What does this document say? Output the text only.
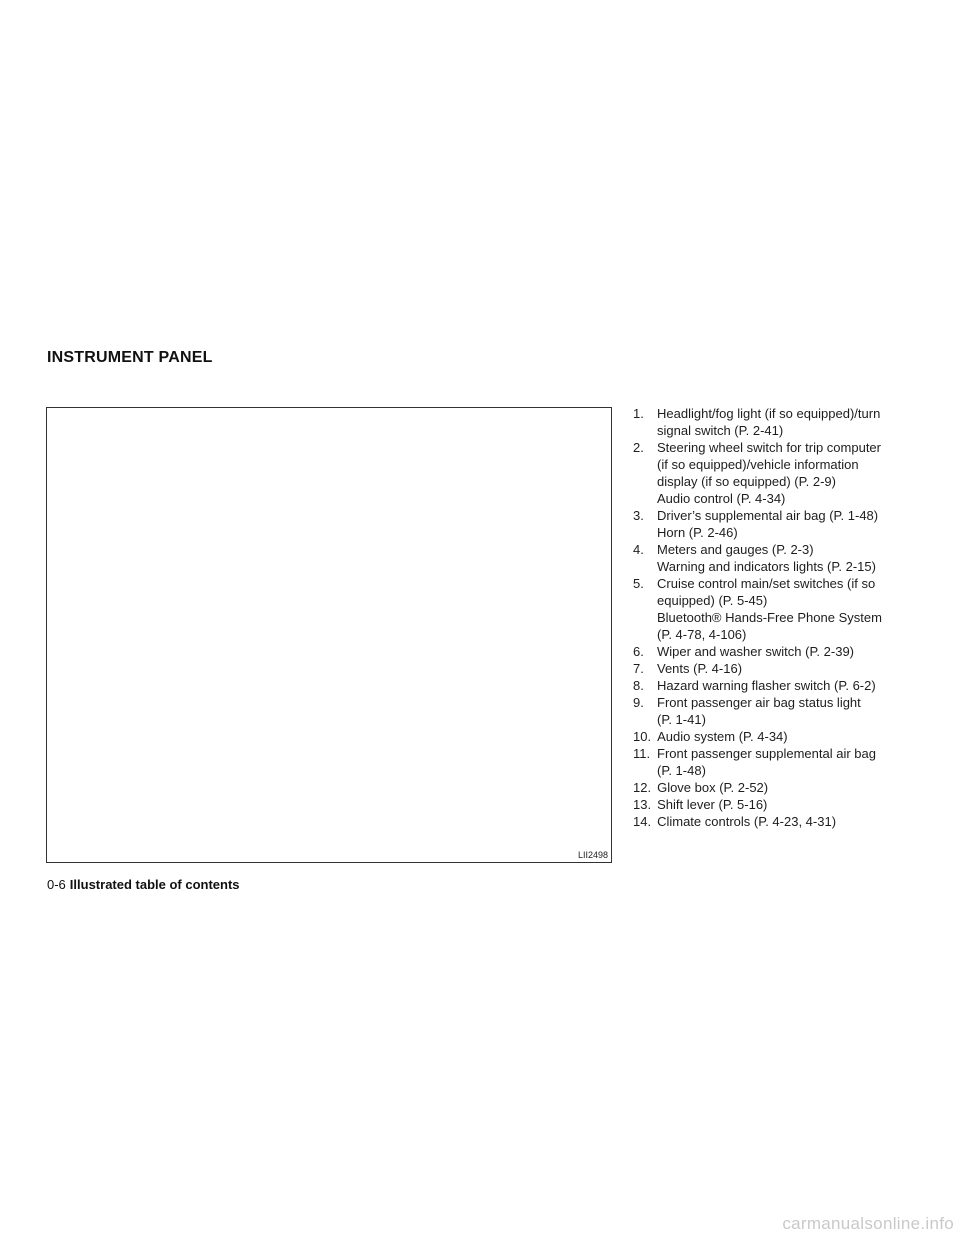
INSTRUMENT PANEL
LII2498
1.	Headlight/fog light (if so equipped)/turn
signal switch (P. 2-41)
2.	Steering wheel switch for trip computer
(if so equipped)/vehicle information
display (if so equipped) (P. 2-9)
Audio control (P. 4-34)
3.	Driver’s supplemental air bag (P. 1-48)
Horn (P. 2-46)
4.	Meters and gauges (P. 2-3)
Warning and indicators lights (P. 2-15)
5.	Cruise control main/set switches (if so
equipped) (P. 5-45)
Bluetooth® Hands-Free Phone System
(P. 4-78, 4-106)
6.	Wiper and washer switch (P. 2-39)
7.	Vents (P. 4-16)
8.	Hazard warning flasher switch (P. 6-2)
9.	Front passenger air bag status light
(P. 1-41)
10. Audio system (P. 4-34)
11. Front passenger supplemental air bag
(P. 1-48)
12. Glove box (P. 2-52)
13. Shift lever (P. 5-16)
14. Climate controls (P. 4-23, 4-31)
0-6 Illustrated table of contents
carmanualsonline.info
